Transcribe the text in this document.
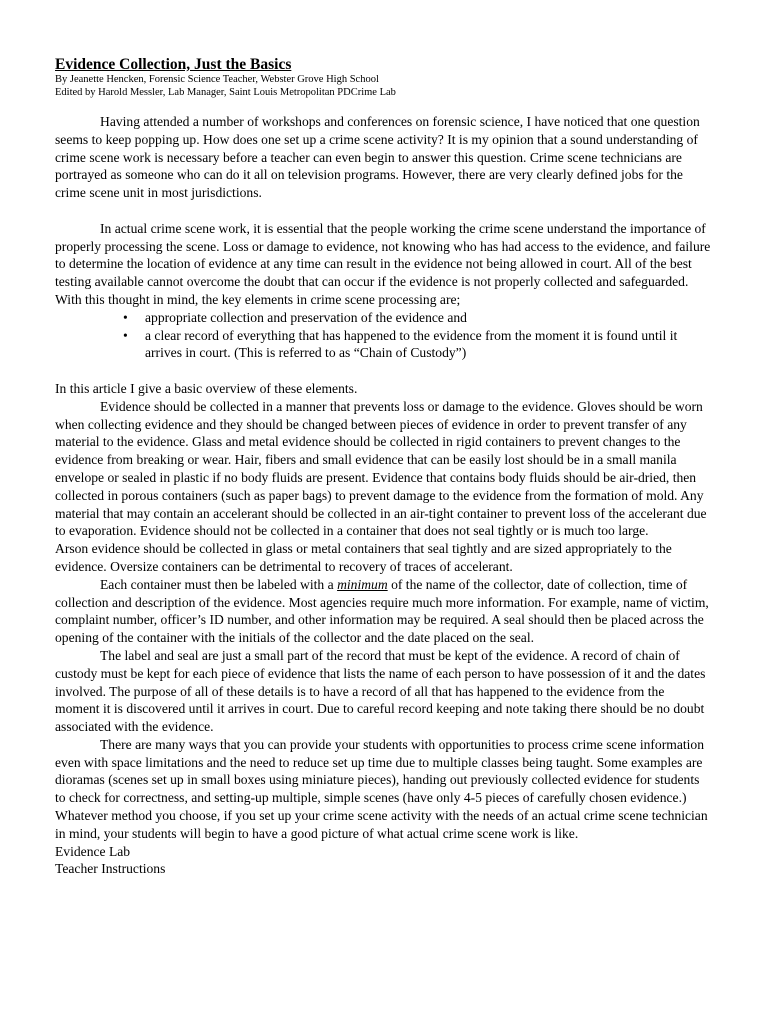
Evidence Collection, Just the Basics

By Jeanette Hencken, Forensic Science Teacher, Webster Grove High School

Edited by Harold Messler, Lab Manager, Saint Louis Metropolitan PDCrime Lab

Having attended a number of workshops and conferences on forensic science, I have noticed that one question seems to keep popping up. How does one set up a crime scene activity? It is my opinion that a sound understanding of crime scene work is necessary before a teacher can even begin to answer this question. Crime scene technicians are portrayed as someone who can do it all on television programs. However, there are very clearly defined jobs for the crime scene unit in most jurisdictions.

In actual crime scene work, it is essential that the people working the crime scene understand the importance of properly processing the scene. Loss or damage to evidence, not knowing who has had access to the evidence, and failure to determine the location of evidence at any time can result in the evidence not being allowed in court. All of the best testing available cannot overcome the doubt that can occur if the evidence is not properly collected and safeguarded. With this thought in mind, the key elements in crime scene processing are;

• appropriate collection and preservation of the evidence and
• a clear record of everything that has happened to the evidence from the moment it is found until it arrives in court. (This is referred to as “Chain of Custody”)

In this article I give a basic overview of these elements.

Evidence should be collected in a manner that prevents loss or damage to the evidence. Gloves should be worn when collecting evidence and they should be changed between pieces of evidence in order to prevent transfer of any material to the evidence. Glass and metal evidence should be collected in rigid containers to prevent changes to the evidence from breaking or wear. Hair, fibers and small evidence that can be easily lost should be in a small manila envelope or sealed in plastic if no body fluids are present. Evidence that contains body fluids should be air-dried, then collected in porous containers (such as paper bags) to prevent damage to the evidence from the formation of mold. Any material that may contain an accelerant should be collected in an air-tight container to prevent loss of the accelerant due to evaporation. Evidence should not be collected in a container that does not seal tightly or is much too large.

Arson evidence should be collected in glass or metal containers that seal tightly and are sized appropriately to the evidence. Oversize containers can be detrimental to recovery of traces of accelerant.

Each container must then be labeled with a minimum of the name of the collector, date of collection, time of collection and description of the evidence. Most agencies require much more information. For example, name of victim, complaint number, officer’s ID number, and other information may be required. A seal should then be placed across the opening of the container with the initials of the collector and the date placed on the seal.

The label and seal are just a small part of the record that must be kept of the evidence. A record of chain of custody must be kept for each piece of evidence that lists the name of each person to have possession of it and the dates involved. The purpose of all of these details is to have a record of all that has happened to the evidence from the moment it is discovered until it arrives in court. Due to careful record keeping and note taking there should be no doubt associated with the evidence.

There are many ways that you can provide your students with opportunities to process crime scene information even with space limitations and the need to reduce set up time due to multiple classes being taught. Some examples are dioramas (scenes set up in small boxes using miniature pieces), handing out previously collected evidence for students to check for correctness, and setting-up multiple, simple scenes (have only 4-5 pieces of carefully chosen evidence.) Whatever method you choose, if you set up your crime scene activity with the needs of an actual crime scene technician in mind, your students will begin to have a good picture of what actual crime scene work is like.

Evidence Lab

Teacher Instructions
